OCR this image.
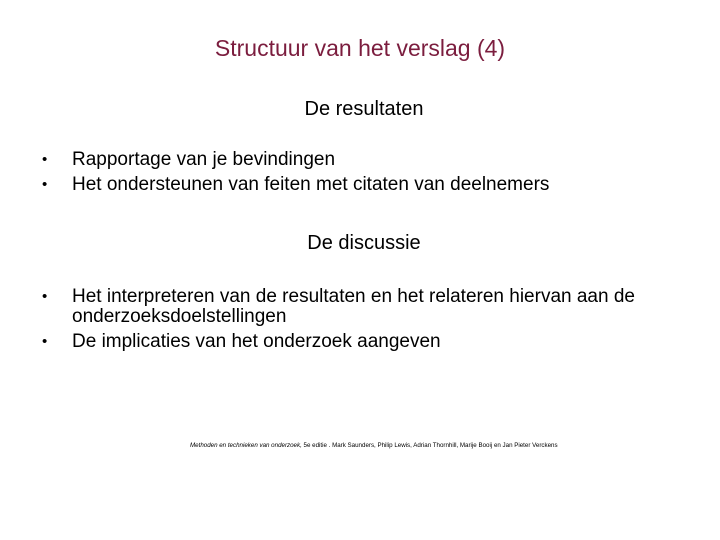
Structuur van het verslag (4)
De resultaten
• Rapportage van je bevindingen
• Het ondersteunen van feiten met citaten van deelnemers
De discussie
• Het interpreteren van de resultaten en het relateren hiervan aan de onderzoeksdoelstellingen
• De implicaties van het onderzoek aangeven
Methoden en technieken van onderzoek, 5e editie . Mark Saunders, Philip Lewis, Adrian Thornhill, Marije Booij en Jan Pieter Verckens
